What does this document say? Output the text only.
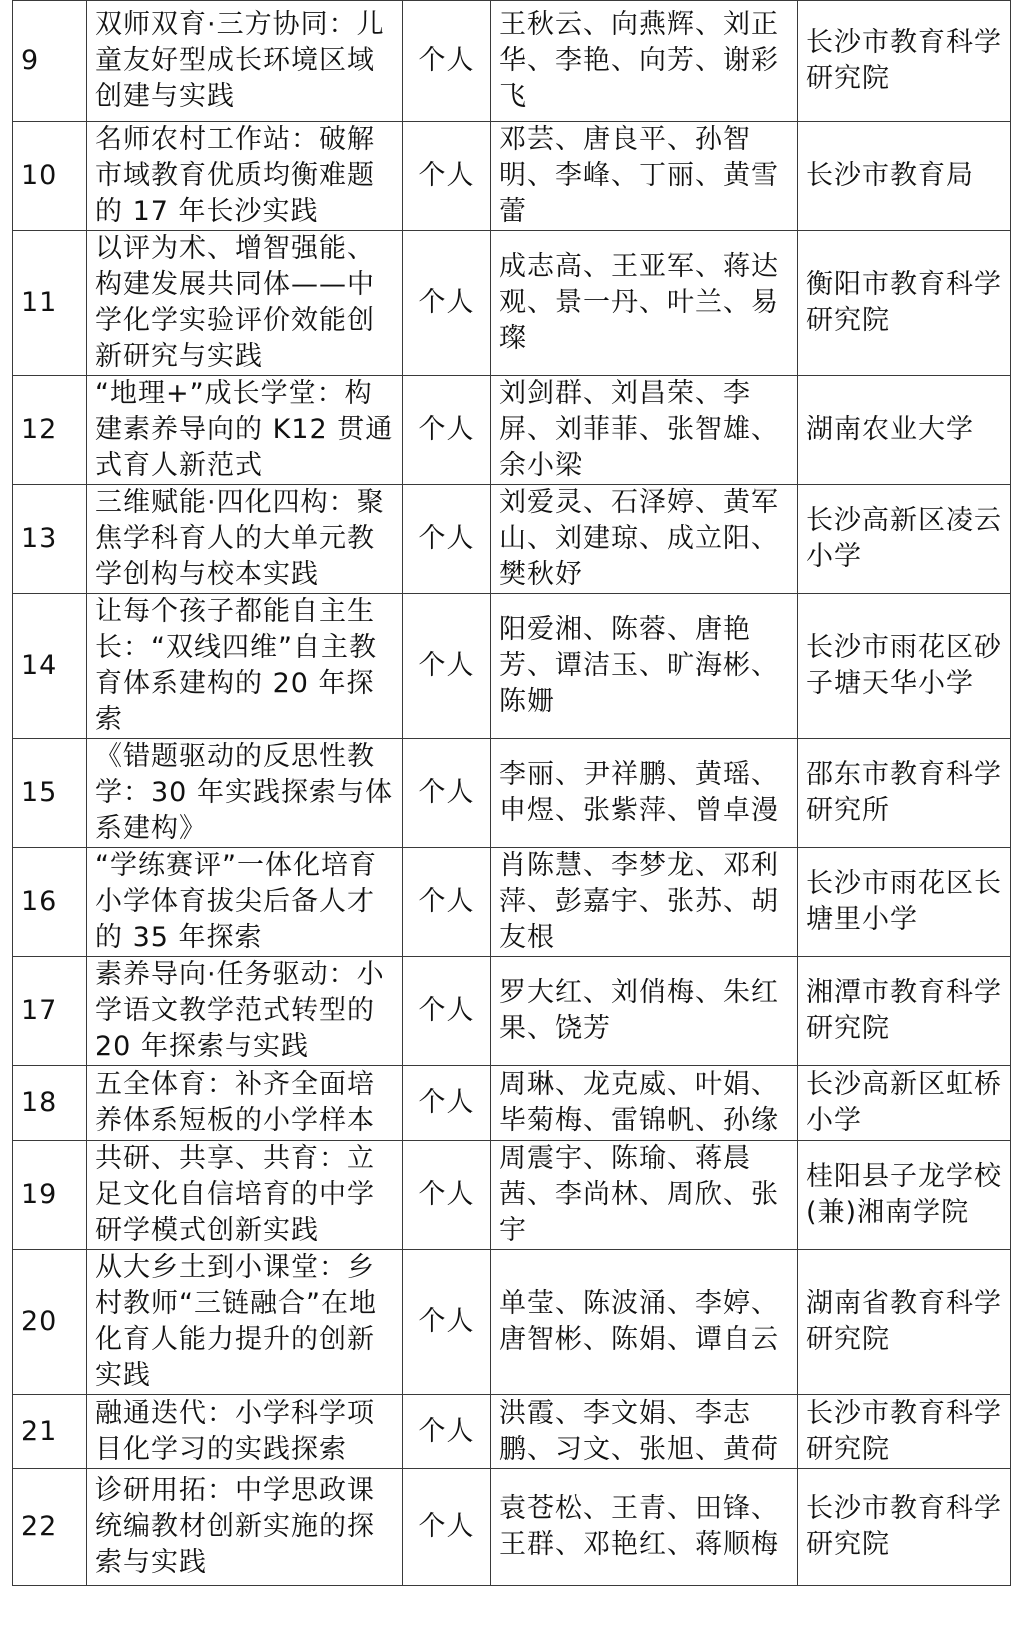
9	双师双育·三方协同：儿童友好型成长环境区域创建与实践	个人	王秋云、向燕辉、刘正华、李艳、向芳、谢彩飞	长沙市教育科学研究院
10	名师农村工作站：破解市域教育优质均衡难题的 17 年长沙实践	个人	邓芸、唐良平、孙智明、李峰、丁丽、黄雪蕾	长沙市教育局
11	以评为术、增智强能、构建发展共同体——中学化学实验评价效能创新研究与实践	个人	成志高、王亚军、蒋达观、景一丹、叶兰、易璨	衡阳市教育科学研究院
12	“地理+”成长学堂：构建素养导向的 K12 贯通式育人新范式	个人	刘剑群、刘昌荣、李屏、刘菲菲、张智雄、余小梁	湖南农业大学
13	三维赋能·四化四构：聚焦学科育人的大单元教学创构与校本实践	个人	刘爱灵、石泽婷、黄军山、刘建琼、成立阳、樊秋妤	长沙高新区凌云小学
14	让每个孩子都能自主生长：“双线四维”自主教育体系建构的 20 年探索	个人	阳爱湘、陈蓉、唐艳芳、谭洁玉、旷海彬、陈姗	长沙市雨花区砂子塘天华小学
15	《错题驱动的反思性教学：30 年实践探索与体系建构》	个人	李丽、尹祥鹏、黄瑶、申煜、张紫萍、曾卓漫	邵东市教育科学研究所
16	“学练赛评”一体化培育小学体育拔尖后备人才的 35 年探索	个人	肖陈慧、李梦龙、邓利萍、彭嘉宇、张苏、胡友根	长沙市雨花区长塘里小学
17	素养导向·任务驱动：小学语文教学范式转型的 20 年探索与实践	个人	罗大红、刘俏梅、朱红果、饶芳	湘潭市教育科学研究院
18	五全体育：补齐全面培养体系短板的小学样本	个人	周琳、龙克威、叶娟、毕菊梅、雷锦帆、孙缘	长沙高新区虹桥小学
19	共研、共享、共育：立足文化自信培育的中学研学模式创新实践	个人	周震宇、陈瑜、蒋晨茜、李尚林、周欣、张宇	桂阳县子龙学校(兼)湘南学院
20	从大乡土到小课堂：乡村教师“三链融合”在地化育人能力提升的创新实践	个人	单莹、陈波涌、李婷、唐智彬、陈娟、谭自云	湖南省教育科学研究院
21	融通迭代：小学科学项目化学习的实践探索	个人	洪霞、李文娟、李志鹏、习文、张旭、黄荷	长沙市教育科学研究院
22	诊研用拓：中学思政课统编教材创新实施的探索与实践	个人	袁苍松、王青、田锋、王群、邓艳红、蒋顺梅	长沙市教育科学研究院
